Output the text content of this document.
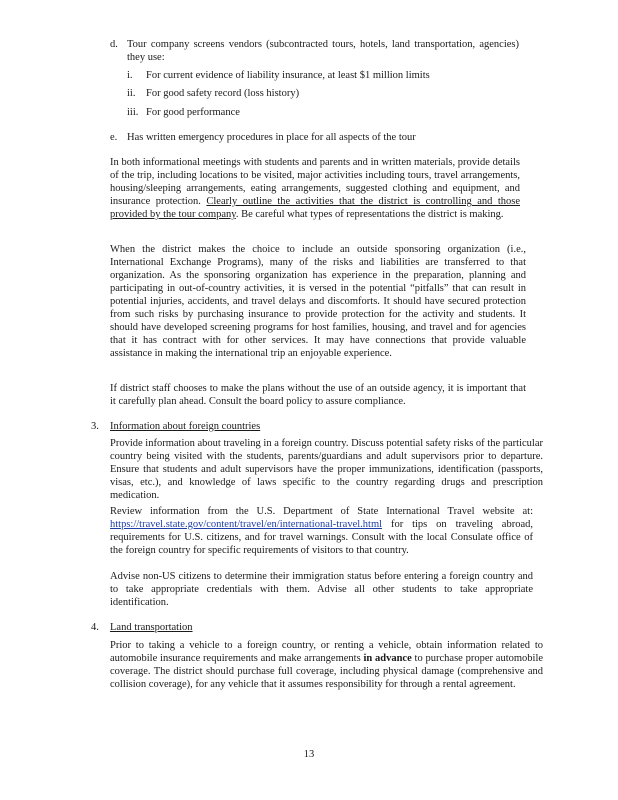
d. Tour company screens vendors (subcontracted tours, hotels, land transportation, agencies) they use:

i. For current evidence of liability insurance, at least $1 million limits
ii. For good safety record (loss history)
iii. For good performance
e. Has written emergency procedures in place for all aspects of the tour

In both informational meetings with students and parents and in written materials, provide details of the trip, including locations to be visited, major activities including tours, travel arrangements, housing/sleeping arrangements, eating arrangements, suggested clothing and equipment, and insurance protection. Clearly outline the activities that the district is controlling and those provided by the tour company. Be careful what types of representations the district is making.

When the district makes the choice to include an outside sponsoring organization (i.e., International Exchange Programs), many of the risks and liabilities are transferred to that organization. As the sponsoring organization has experience in the preparation, planning and participating in out-of-country activities, it is versed in the potential “pitfalls” that can result in potential injuries, accidents, and travel delays and discomforts. It should have secured protection from such risks by purchasing insurance to provide protection for the activity and students. It should have developed screening programs for host families, housing, and travel and for agencies that it has contract with for other services. It may have connections that provide valuable assistance in making the international trip an enjoyable experience.

If district staff chooses to make the plans without the use of an outside agency, it is important that it carefully plan ahead. Consult the board policy to assure compliance.

3. Information about foreign countries

Provide information about traveling in a foreign country. Discuss potential safety risks of the particular country being visited with the students, parents/guardians and adult supervisors prior to departure. Ensure that students and adult supervisors have the proper immunizations, identification (passports, visas, etc.), and knowledge of laws specific to the country regarding drugs and prescription medication.

Review information from the U.S. Department of State International Travel website at: https://travel.state.gov/content/travel/en/international-travel.html for tips on traveling abroad, requirements for U.S. citizens, and for travel warnings. Consult with the local Consulate office of the foreign country for specific requirements of visitors to that country.

Advise non-US citizens to determine their immigration status before entering a foreign country and to take appropriate credentials with them. Advise all other students to take appropriate identification.

4. Land transportation

Prior to taking a vehicle to a foreign country, or renting a vehicle, obtain information related to automobile insurance requirements and make arrangements in advance to purchase proper automobile coverage. The district should purchase full coverage, including physical damage (comprehensive and collision coverage), for any vehicle that it assumes responsibility for through a rental agreement.

13
